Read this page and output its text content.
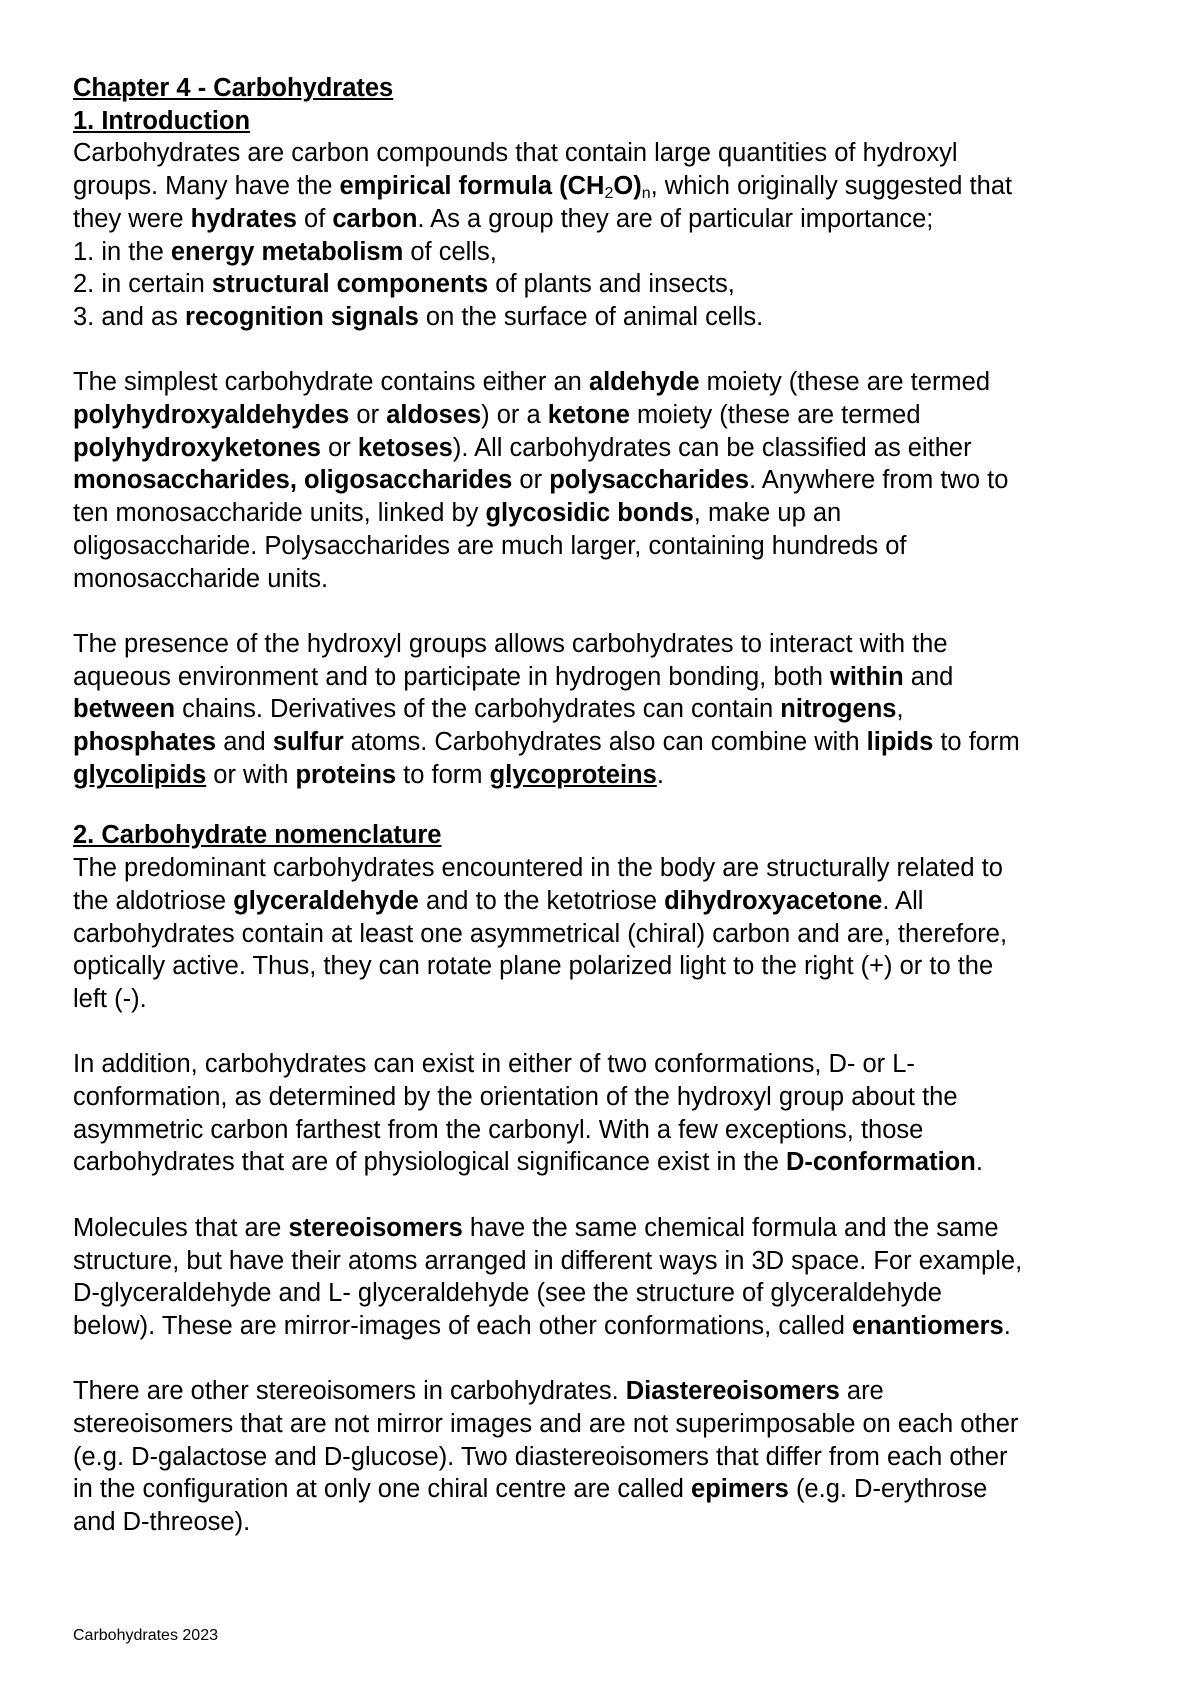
Chapter 4 - Carbohydrates
1. Introduction
Carbohydrates are carbon compounds that contain large quantities of hydroxyl
groups. Many have the empirical formula $(CH_2O)_n$, which originally suggested that
they were hydrates of carbon. As a group they are of particular importance;
1. in the energy metabolism of cells,
2. in certain structural components of plants and insects,
3. and as recognition signals on the surface of animal cells.
The simplest carbohydrate contains either an aldehyde moiety (these are termed
polyhydroxyaldehydes or aldoses) or a ketone moiety (these are termed
polyhydroxyketones or ketoses). All carbohydrates can be classified as either
monosaccharides, oligosaccharides or polysaccharides. Anywhere from two to
ten monosaccharide units, linked by glycosidic bonds, make up an
oligosaccharide. Polysaccharides are much larger, containing hundreds of
monosaccharide units.
The presence of the hydroxyl groups allows carbohydrates to interact with the
aqueous environment and to participate in hydrogen bonding, both within and
between chains. Derivatives of the carbohydrates can contain nitrogens,
phosphates and sulfur atoms. Carbohydrates also can combine with lipids to form
glycolipids or with proteins to form glycoproteins.
2. Carbohydrate nomenclature
The predominant carbohydrates encountered in the body are structurally related to
the aldotriose glyceraldehyde and to the ketotriose dihydroxyacetone. All
carbohydrates contain at least one asymmetrical (chiral) carbon and are, therefore,
optically active. Thus, they can rotate plane polarized light to the right (+) or to the
left (-).
In addition, carbohydrates can exist in either of two conformations, D- or L-
conformation, as determined by the orientation of the hydroxyl group about the
asymmetric carbon farthest from the carbonyl. With a few exceptions, those
carbohydrates that are of physiological significance exist in the D-conformation.
Molecules that are stereoisomers have the same chemical formula and the same
structure, but have their atoms arranged in different ways in 3D space. For example,
D-glyceraldehyde and L- glyceraldehyde (see the structure of glyceraldehyde
below). These are mirror-images of each other conformations, called enantiomers.
There are other stereoisomers in carbohydrates. Diastereoisomers are
stereoisomers that are not mirror images and are not superimposable on each other
(e.g. D-galactose and D-glucose). Two diastereoisomers that differ from each other
in the configuration at only one chiral centre are called epimers (e.g. D-erythrose
and D-threose).
Carbohydrates 2023
